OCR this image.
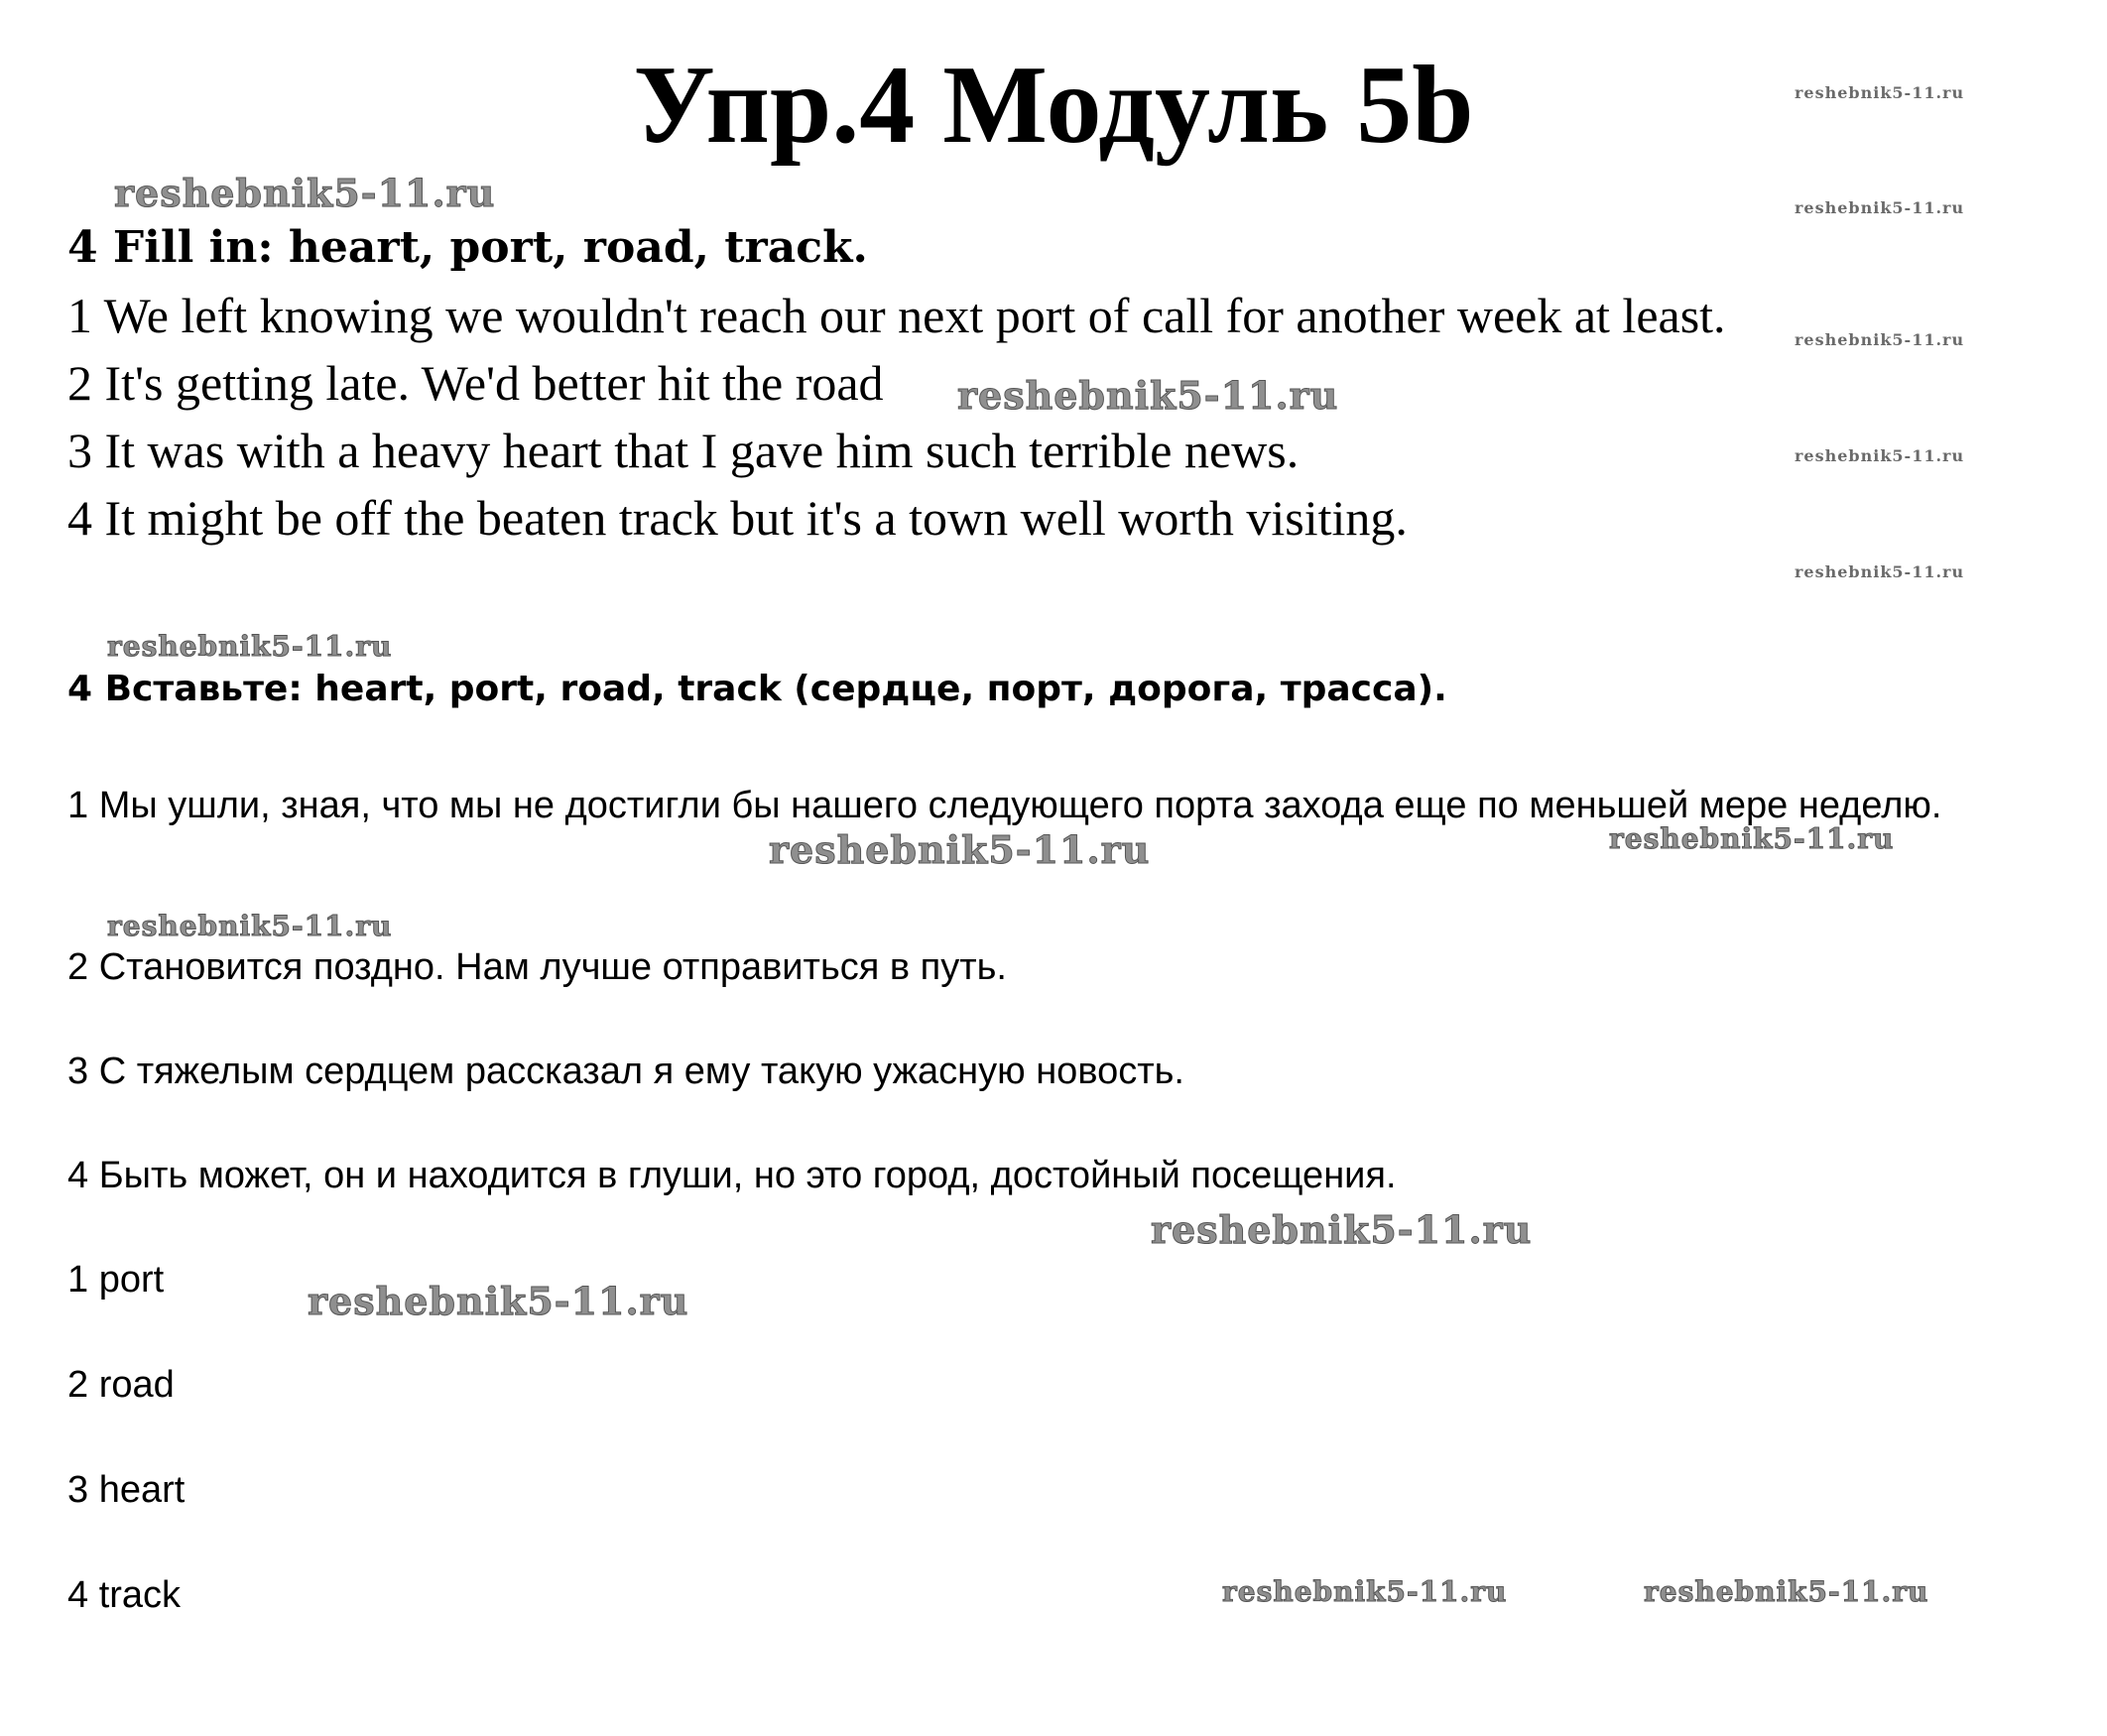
Упр.4 Модуль 5b
4 Fill in: heart, port, road, track.
1 We left knowing we wouldn't reach our next port of call for another week at least.
2 It's getting late. We'd better hit the road
3 It was with a heavy heart that I gave him such terrible news.
4 It might be off the beaten track but it's a town well worth visiting.
4 Вставьте: heart, port, road, track (сердце, порт, дорога, трасса).
1 Мы ушли, зная, что мы не достигли бы нашего следующего порта захода еще по меньшей мере неделю.
2 Становится поздно. Нам лучше отправиться в путь.
3 С тяжелым сердцем рассказал я ему такую ужасную новость.
4 Быть может, он и находится в глуши, но это город, достойный посещения.
1 port
2 road
3 heart
4 track
reshebnik5-11.ru
reshebnik5-11.ru
reshebnik5-11.ru
reshebnik5-11.ru
reshebnik5-11.ru
reshebnik5-11.ru
reshebnik5-11.ru
reshebnik5-11.ru
reshebnik5-11.ru	reshebnik5-11.ru
reshebnik5-11.ru
reshebnik5-11.ru
reshebnik5-11.ru
reshebnik5-11.ru	reshebnik5-11.ru
